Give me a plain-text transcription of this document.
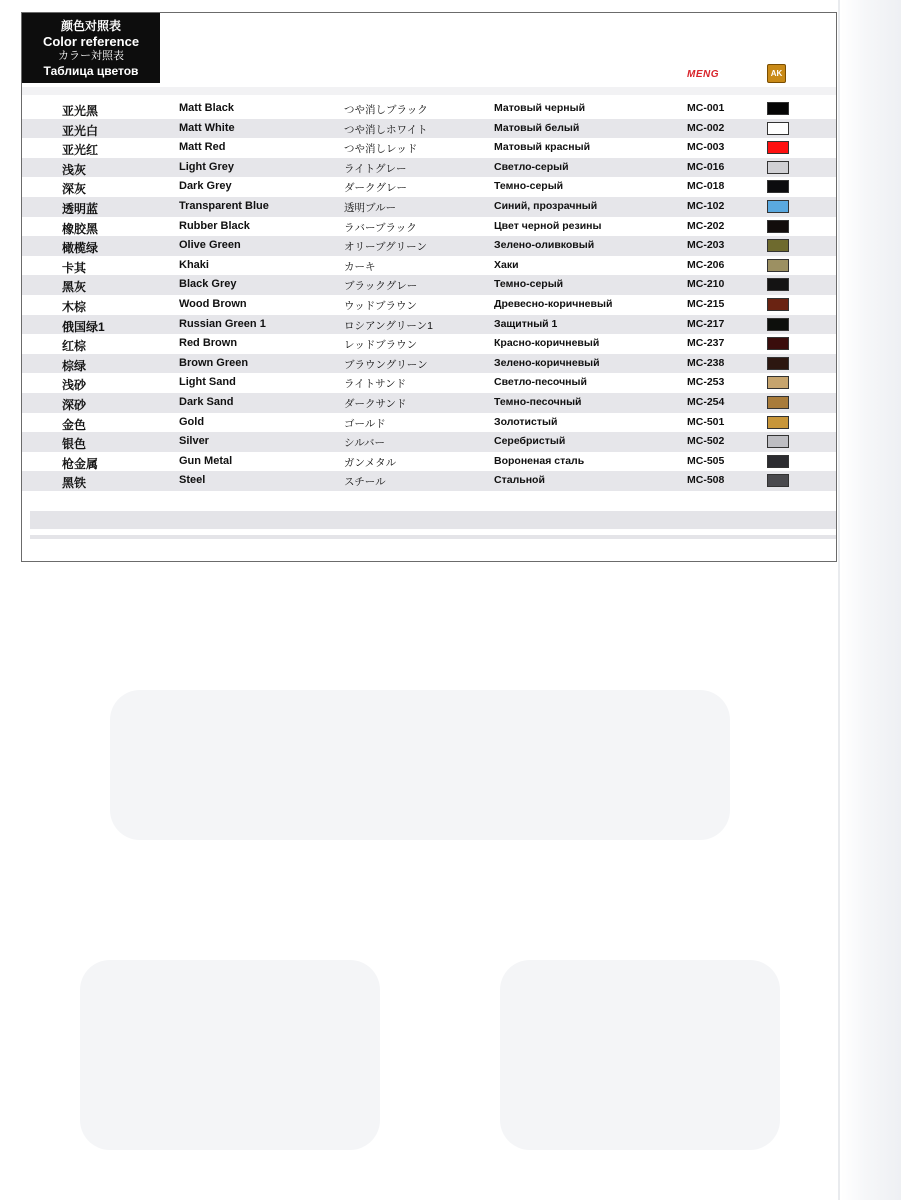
颜色对照表
Color reference
カラー対照表
Таблица цветов	MENG	AK
亚光黑	Matt Black	つや消しブラック	Матовый черный	MC-001
亚光白	Matt White	つや消しホワイト	Матовый белый	MC-002
亚光红	Matt Red	つや消しレッド	Матовый красный	MC-003
浅灰	Light Grey	ライトグレー	Светло-серый	MC-016
深灰	Dark Grey	ダークグレー	Темно-серый	MC-018
透明蓝	Transparent Blue	透明ブルー	Синий, прозрачный	MC-102
橡胶黑	Rubber Black	ラバーブラック	Цвет черной резины	MC-202
橄榄绿	Olive Green	オリーブグリーン	Зелено-оливковый	MC-203
卡其	Khaki	カーキ	Хаки	MC-206
黑灰	Black Grey	ブラックグレー	Темно-серый	MC-210
木棕	Wood Brown	ウッドブラウン	Древесно-коричневый	MC-215
俄国绿1	Russian Green 1	ロシアングリーン1	Защитный 1	MC-217
红棕	Red Brown	レッドブラウン	Красно-коричневый	MC-237
棕绿	Brown Green	ブラウングリーン	Зелено-коричневый	MC-238
浅砂	Light Sand	ライトサンド	Светло-песочный	MC-253
深砂	Dark Sand	ダークサンド	Темно-песочный	MC-254
金色	Gold	ゴールド	Золотистый	MC-501
银色	Silver	シルバー	Серебристый	MC-502
枪金属	Gun Metal	ガンメタル	Вороненая сталь	MC-505
黑铁	Steel	スチール	Стальной	MC-508
